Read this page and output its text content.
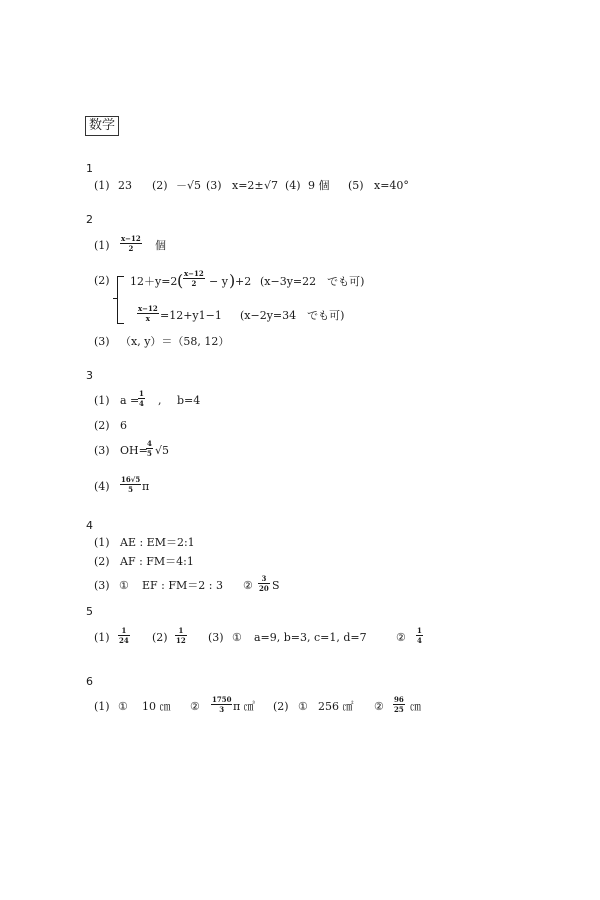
数学
1
(1) 23 (2) － √5 (3) x=2± √7 (4) 9 個 (5) x=40°
2
$(1) \frac{x-12}{2}$ 個
(2) 12＋y=2 ( $\frac{x-12}{2} - y$ ) +2 (x−3y=22　でも可)
$\frac{x-12}{x} =12+y1-1$ (x−2y=34　でも可)
(3) （x, y）＝（58, 12）
3
(1) a =
$\frac{1}{4}$ , b=4
(2) 6
(3) OH=
$\frac{4}{5} √5$
$(4) \frac{16√5}{5}$ π
4
(1) AE : EM＝2:1
(2) AF : FM＝4:1
(3) ① EF : FM＝2 : 3 ② $\frac{3}{20}$ S
5
$(1) \frac{1}{24} (2) \frac{1}{12} (3)$ ① a=9, b=3, c=1, d=7	② $\frac{1}{4}$
6
(1) ① 10 ㎝ ② $\frac{1750}{3}$ π ㎤ (2) ① 256 ㎠ ② $\frac{96}{25}$ ㎝
